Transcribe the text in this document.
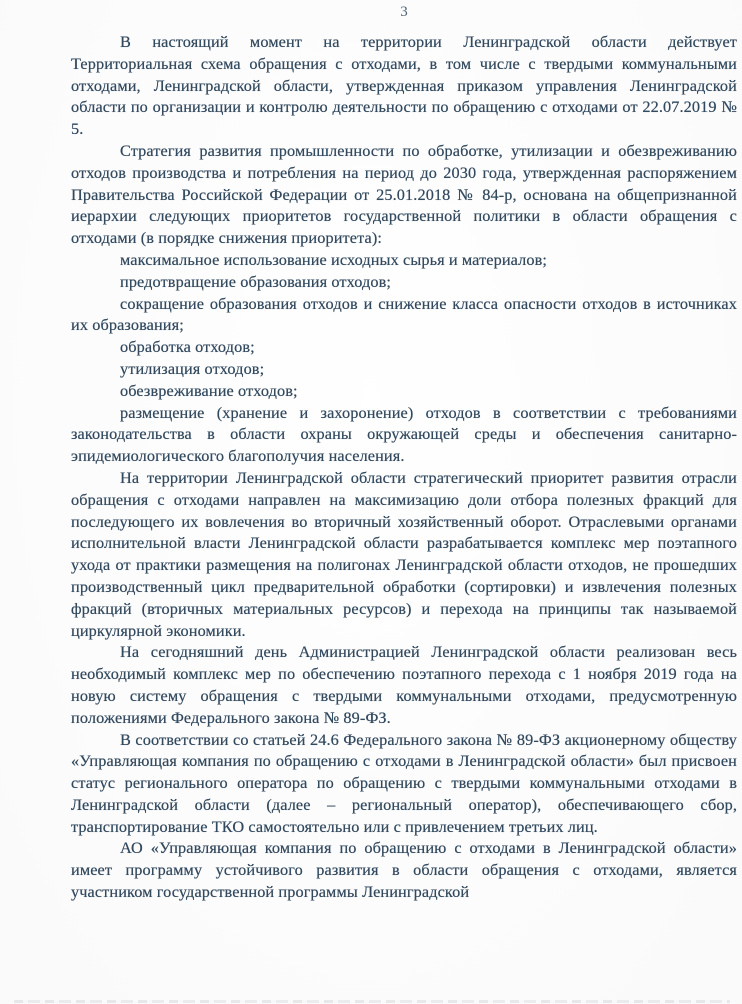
3

В настоящий момент на территории Ленинградской области действует Территориальная схема обращения с отходами, в том числе с твердыми коммунальными отходами, Ленинградской области, утвержденная приказом управления Ленинградской области по организации и контролю деятельности по обращению с отходами от 22.07.2019 № 5.

Стратегия развития промышленности по обработке, утилизации и обезвреживанию отходов производства и потребления на период до 2030 года, утвержденная распоряжением Правительства Российской Федерации от 25.01.2018 № 84-р, основана на общепризнанной иерархии следующих приоритетов государственной политики в области обращения с отходами (в порядке снижения приоритета):

максимальное использование исходных сырья и материалов;

предотвращение образования отходов;

сокращение образования отходов и снижение класса опасности отходов в источниках их образования;

обработка отходов;

утилизация отходов;

обезвреживание отходов;

размещение (хранение и захоронение) отходов в соответствии с требованиями законодательства в области охраны окружающей среды и обеспечения санитарно-эпидемиологического благополучия населения.

На территории Ленинградской области стратегический приоритет развития отрасли обращения с отходами направлен на максимизацию доли отбора полезных фракций для последующего их вовлечения во вторичный хозяйственный оборот. Отраслевыми органами исполнительной власти Ленинградской области разрабатывается комплекс мер поэтапного ухода от практики размещения на полигонах Ленинградской области отходов, не прошедших производственный цикл предварительной обработки (сортировки) и извлечения полезных фракций (вторичных материальных ресурсов) и перехода на принципы так называемой циркулярной экономики.

На сегодняшний день Администрацией Ленинградской области реализован весь необходимый комплекс мер по обеспечению поэтапного перехода с 1 ноября 2019 года на новую систему обращения с твердыми коммунальными отходами, предусмотренную положениями Федерального закона № 89-ФЗ.

В соответствии со статьей 24.6 Федерального закона № 89-ФЗ акционерному обществу «Управляющая компания по обращению с отходами в Ленинградской области» был присвоен статус регионального оператора по обращению с твердыми коммунальными отходами в Ленинградской области (далее – региональный оператор), обеспечивающего сбор, транспортирование ТКО самостоятельно или с привлечением третьих лиц.

АО «Управляющая компания по обращению с отходами в Ленинградской области» имеет программу устойчивого развития в области обращения с отходами, является участником государственной программы Ленинградской
